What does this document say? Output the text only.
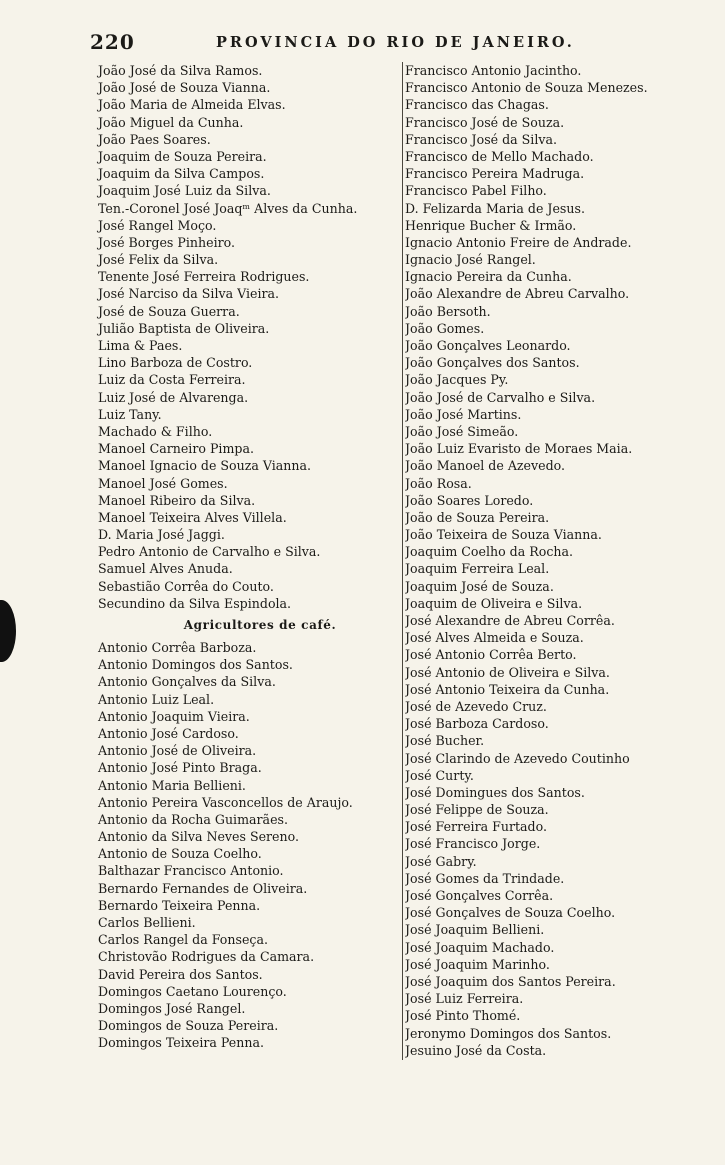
220	PROVINCIA DO RIO DE JANEIRO.
João José da Silva Ramos.
João José de Souza Vianna.
João Maria de Almeida Elvas.
João Miguel da Cunha.
João Paes Soares.
Joaquim de Souza Pereira.
Joaquim da Silva Campos.
Joaquim José Luiz da Silva.
Ten.-Coronel José Joaqᵐ Alves da Cunha.
José Rangel Moço.
José Borges Pinheiro.
José Felix da Silva.
Tenente José Ferreira Rodrigues.
José Narciso da Silva Vieira.
José de Souza Guerra.
Julião Baptista de Oliveira.
Lima & Paes.
Lino Barboza de Costro.
Luiz da Costa Ferreira.
Luiz José de Alvarenga.
Luiz Tany.
Machado & Filho.
Manoel Carneiro Pimpa.
Manoel Ignacio de Souza Vianna.
Manoel José Gomes.
Manoel Ribeiro da Silva.
Manoel Teixeira Alves Villela.
D. Maria José Jaggi.
Pedro Antonio de Carvalho e Silva.
Samuel Alves Anuda.
Sebastião Corrêa do Couto.
Secundino da Silva Espindola.
Agricultores de café.
Antonio Corrêa Barboza.
Antonio Domingos dos Santos.
Antonio Gonçalves da Silva.
Antonio Luiz Leal.
Antonio Joaquim Vieira.
Antonio José Cardoso.
Antonio José de Oliveira.
Antonio José Pinto Braga.
Antonio Maria Bellieni.
Antonio Pereira Vasconcellos de Araujo.
Antonio da Rocha Guimarães.
Antonio da Silva Neves Sereno.
Antonio de Souza Coelho.
Balthazar Francisco Antonio.
Bernardo Fernandes de Oliveira.
Bernardo Teixeira Penna.
Carlos Bellieni.
Carlos Rangel da Fonseça.
Christovão Rodrigues da Camara.
David Pereira dos Santos.
Domingos Caetano Lourenço.
Domingos José Rangel.
Domingos de Souza Pereira.
Domingos Teixeira Penna.
Francisco Antonio Jacintho.
Francisco Antonio de Souza Menezes.
Francisco das Chagas.
Francisco José de Souza.
Francisco José da Silva.
Francisco de Mello Machado.
Francisco Pereira Madruga.
Francisco Pabel Filho.
D. Felizarda Maria de Jesus.
Henrique Bucher & Irmão.
Ignacio Antonio Freire de Andrade.
Ignacio José Rangel.
Ignacio Pereira da Cunha.
João Alexandre de Abreu Carvalho.
João Bersoth.
João Gomes.
João Gonçalves Leonardo.
João Gonçalves dos Santos.
João Jacques Py.
João José de Carvalho e Silva.
João José Martins.
João José Simeão.
João Luiz Evaristo de Moraes Maia.
João Manoel de Azevedo.
João Rosa.
João Soares Loredo.
João de Souza Pereira.
João Teixeira de Souza Vianna.
Joaquim Coelho da Rocha.
Joaquim Ferreira Leal.
Joaquim José de Souza.
Joaquim de Oliveira e Silva.
José Alexandre de Abreu Corrêa.
José Alves Almeida e Souza.
José Antonio Corrêa Berto.
José Antonio de Oliveira e Silva.
José Antonio Teixeira da Cunha.
José de Azevedo Cruz.
José Barboza Cardoso.
José Bucher.
José Clarindo de Azevedo Coutinho
José Curty.
José Domingues dos Santos.
José Felippe de Souza.
José Ferreira Furtado.
José Francisco Jorge.
José Gabry.
José Gomes da Trindade.
José Gonçalves Corrêa.
José Gonçalves de Souza Coelho.
José Joaquim Bellieni.
José Joaquim Machado.
José Joaquim Marinho.
José Joaquim dos Santos Pereira.
José Luiz Ferreira.
José Pinto Thomé.
Jeronymo Domingos dos Santos.
Jesuino José da Costa.
